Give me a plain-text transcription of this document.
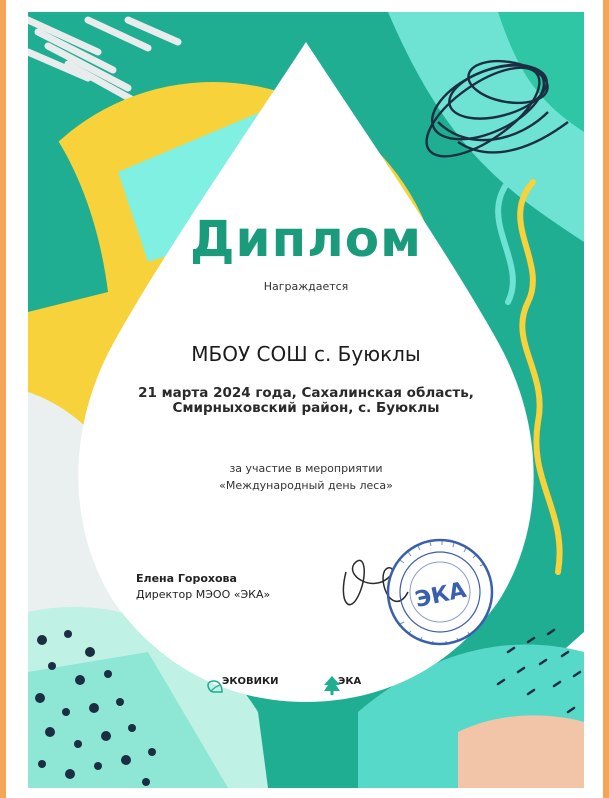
ЭКА
Диплом
Награждается
МБОУ СОШ с. Буюклы
21 марта 2024 года, Сахалинская область, Смирныховский район, с. Буюклы
за участие в мероприятии
«Международный день леса»
Елена Горохова
Директор МЭОО «ЭКА»
ЭКОВИКИ	ЭКА
